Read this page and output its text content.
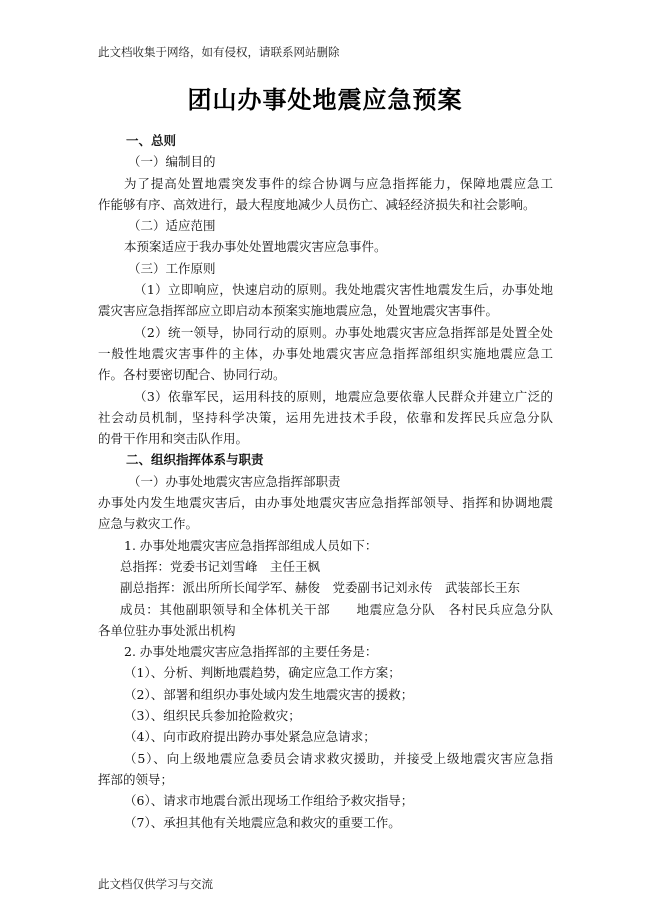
此文档收集于网络，如有侵权，请联系网站删除
团山办事处地震应急预案
一、总则
（一）编制目的
为了提高处置地震突发事件的综合协调与应急指挥能力，保障地震应急工
作能够有序、高效进行，最大程度地减少人员伤亡、减轻经济损失和社会影响。
（二）适应范围
本预案适应于我办事处处置地震灾害应急事件。
（三）工作原则
（1）立即响应，快速启动的原则。我处地震灾害性地震发生后，办事处地
震灾害应急指挥部应立即启动本预案实施地震应急，处置地震灾害事件。
（2）统一领导，协同行动的原则。办事处地震灾害应急指挥部是处置全处
一般性地震灾害事件的主体，办事处地震灾害应急指挥部组织实施地震应急工
作。各村要密切配合、协同行动。
（3）依靠军民，运用科技的原则，地震应急要依靠人民群众并建立广泛的
社会动员机制，坚持科学决策，运用先进技术手段，依靠和发挥民兵应急分队
的骨干作用和突击队作用。
二、组织指挥体系与职责
（一）办事处地震灾害应急指挥部职责
办事处内发生地震灾害后，由办事处地震灾害应急指挥部领导、指挥和协调地震
应急与救灾工作。
1. 办事处地震灾害应急指挥部组成人员如下：
总指挥：党委书记刘雪峰　主任王枫
副总指挥：派出所所长闻学军、赫俊　党委副书记刘永传　武装部长王东
成员：其他副职领导和全体机关干部　　地震应急分队　各村民兵应急分队
各单位驻办事处派出机构
2. 办事处地震灾害应急指挥部的主要任务是：
（1）、分析、判断地震趋势，确定应急工作方案；
（2）、部署和组织办事处域内发生地震灾害的援救；
（3）、组织民兵参加抢险救灾；
（4）、向市政府提出跨办事处紧急应急请求；
（5）、向上级地震应急委员会请求救灾援助，并接受上级地震灾害应急指
挥部的领导；
（6）、请求市地震台派出现场工作组给予救灾指导；
（7）、承担其他有关地震应急和救灾的重要工作。
此文档仅供学习与交流
